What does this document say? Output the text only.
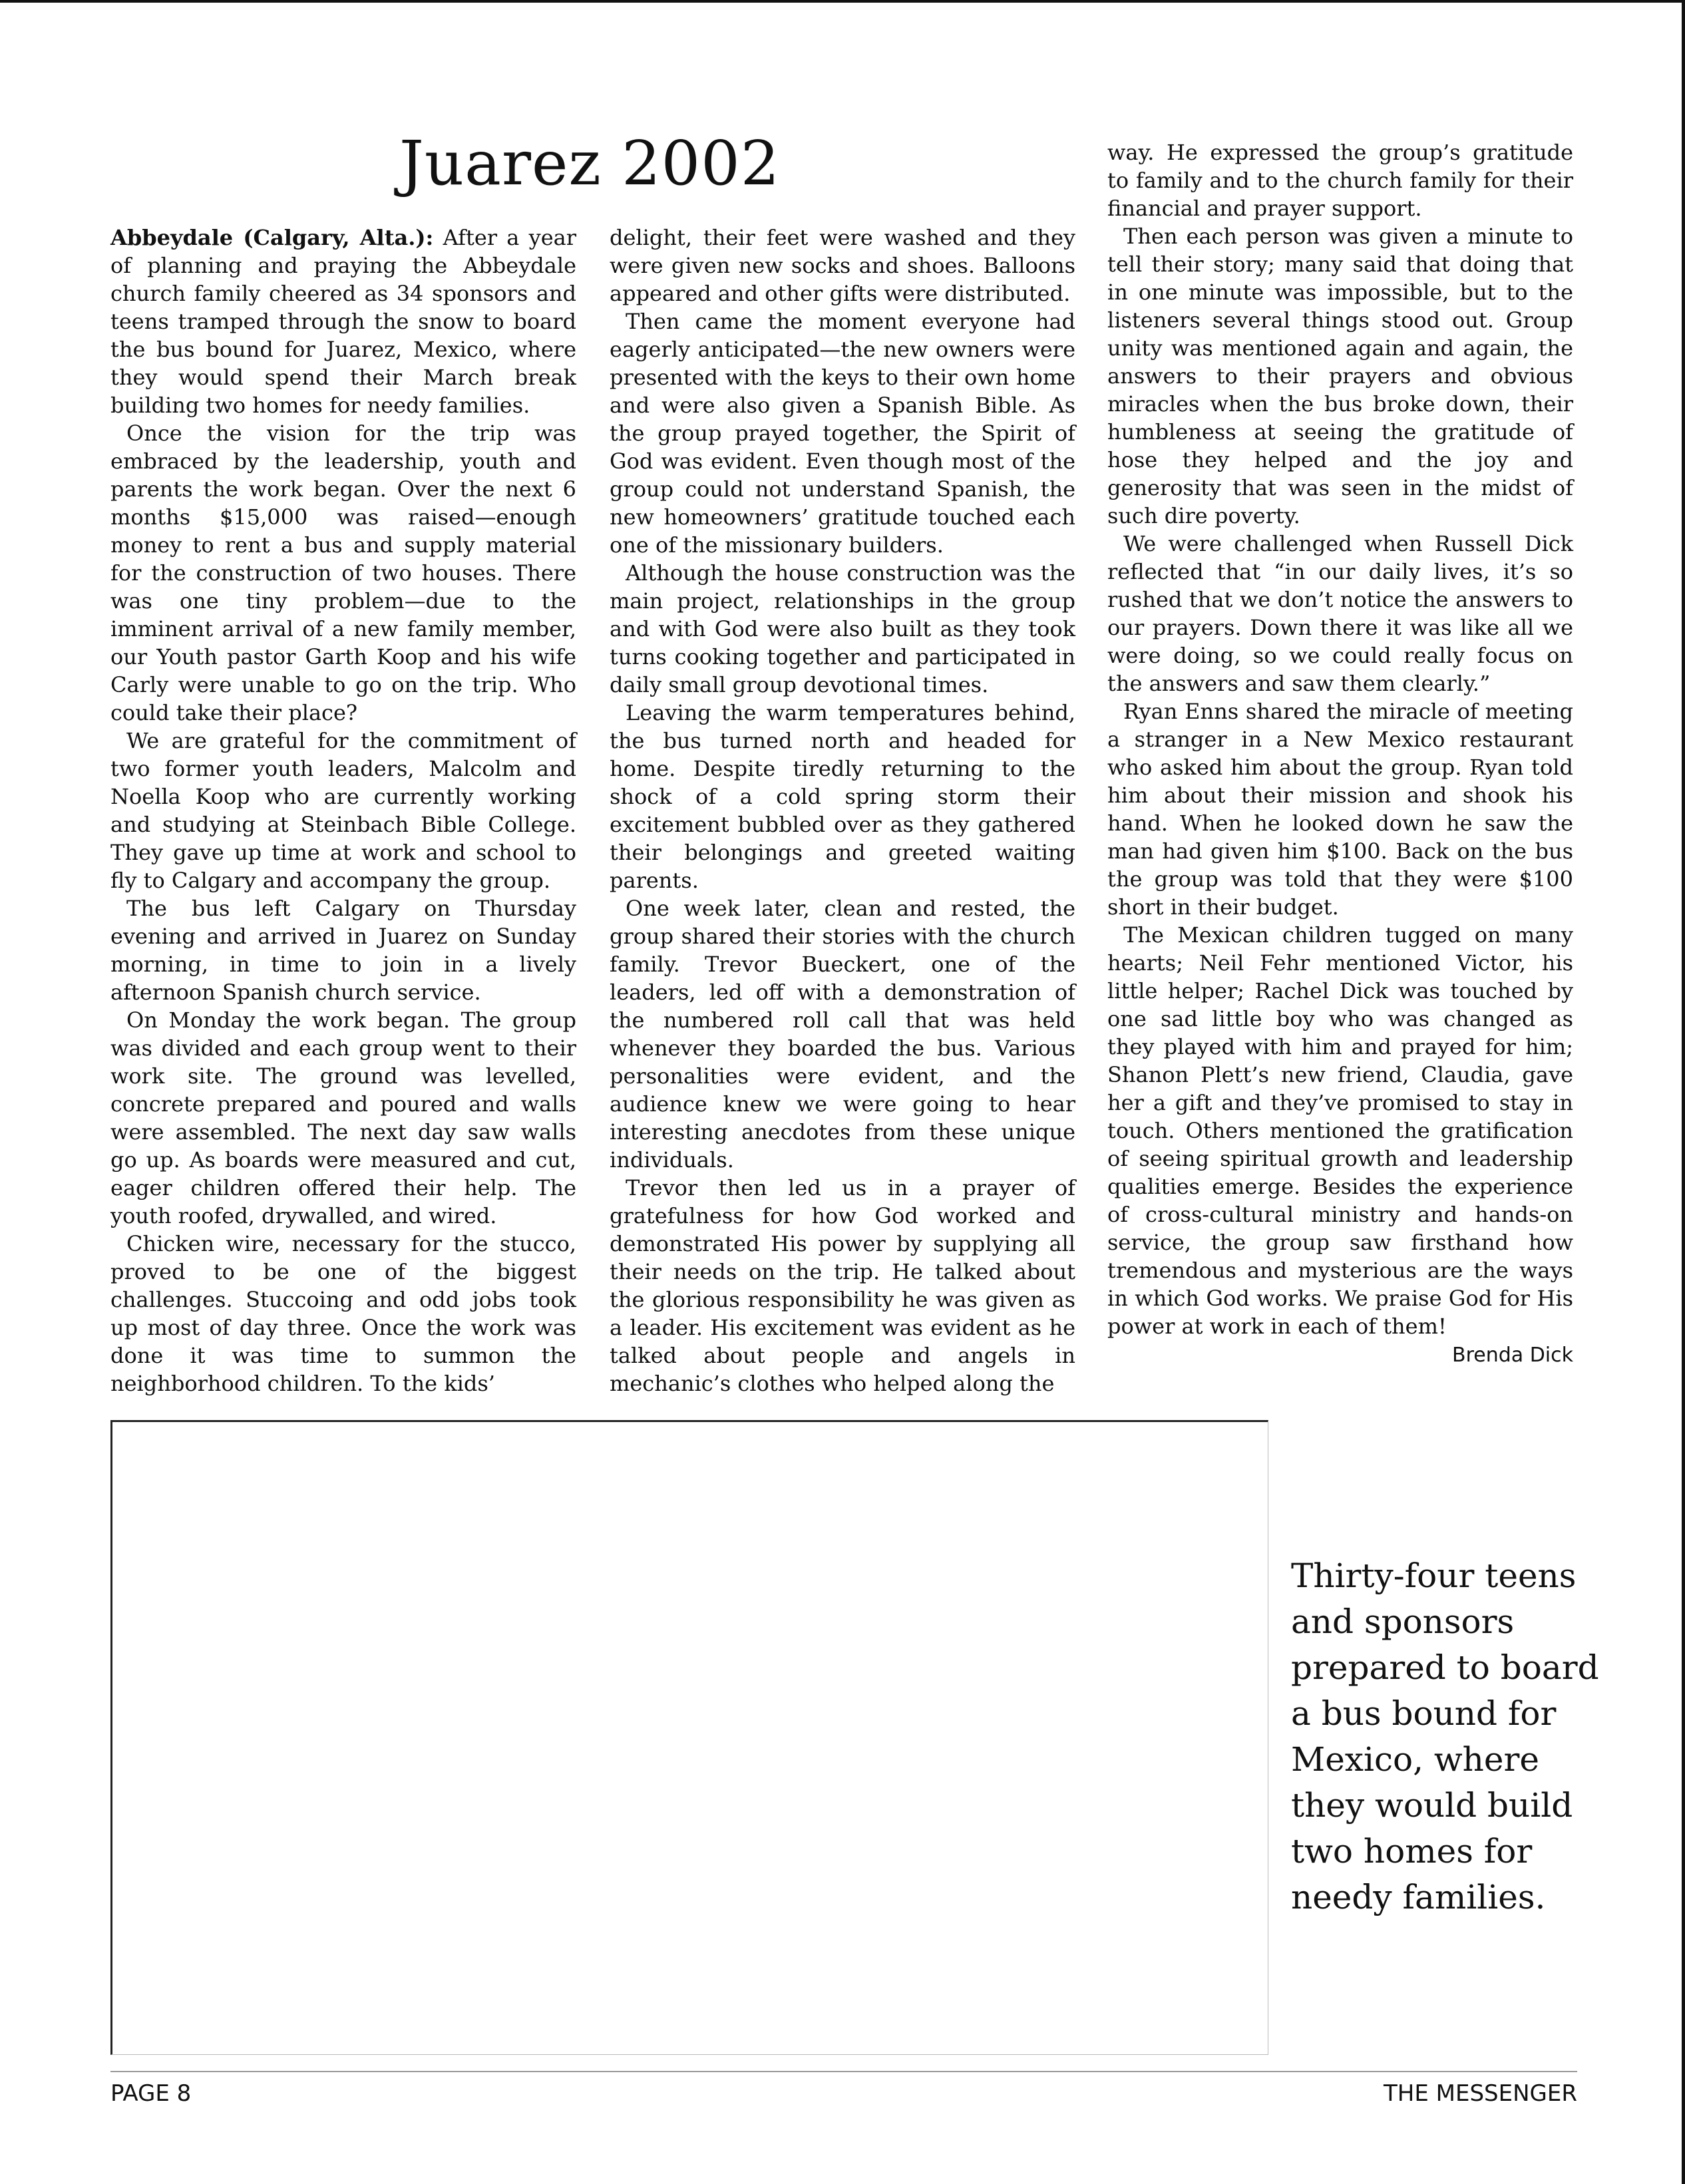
Juarez 2002

Abbeydale (Calgary, Alta.): After a year of planning and praying the Abbeydale church family cheered as 34 sponsors and teens tramped through the snow to board the bus bound for Juarez, Mexico, where they would spend their March break building two homes for needy families.

Once the vision for the trip was embraced by the leadership, youth and parents the work began. Over the next 6 months $15,000 was raised—enough money to rent a bus and supply material for the construction of two houses. There was one tiny problem—due to the imminent arrival of a new family member, our Youth pastor Garth Koop and his wife Carly were unable to go on the trip. Who could take their place?

We are grateful for the commitment of two former youth leaders, Malcolm and Noella Koop who are currently working and studying at Steinbach Bible College. They gave up time at work and school to fly to Calgary and accompany the group.

The bus left Calgary on Thursday evening and arrived in Juarez on Sunday morning, in time to join in a lively afternoon Spanish church service.

On Monday the work began. The group was divided and each group went to their work site. The ground was levelled, concrete prepared and poured and walls were assembled. The next day saw walls go up. As boards were measured and cut, eager children offered their help. The youth roofed, drywalled, and wired.

Chicken wire, necessary for the stucco, proved to be one of the biggest challenges. Stuccoing and odd jobs took up most of day three. Once the work was done it was time to summon the neighborhood children. To the kids’

delight, their feet were washed and they were given new socks and shoes. Balloons appeared and other gifts were distributed.

Then came the moment everyone had eagerly anticipated—the new owners were presented with the keys to their own home and were also given a Spanish Bible. As the group prayed together, the Spirit of God was evident. Even though most of the group could not understand Spanish, the new homeowners’ gratitude touched each one of the missionary builders.

Although the house construction was the main project, relationships in the group and with God were also built as they took turns cooking together and participated in daily small group devotional times.

Leaving the warm temperatures behind, the bus turned north and headed for home. Despite tiredly returning to the shock of a cold spring storm their excitement bubbled over as they gathered their belongings and greeted waiting parents.

One week later, clean and rested, the group shared their stories with the church family. Trevor Bueckert, one of the leaders, led off with a demonstration of the numbered roll call that was held whenever they boarded the bus. Various personalities were evident, and the audience knew we were going to hear interesting anecdotes from these unique individuals.

Trevor then led us in a prayer of gratefulness for how God worked and demonstrated His power by supplying all their needs on the trip. He talked about the glorious responsibility he was given as a leader. His excitement was evident as he talked about people and angels in mechanic’s clothes who helped along the

way. He expressed the group’s gratitude to family and to the church family for their financial and prayer support.

Then each person was given a minute to tell their story; many said that doing that in one minute was impossible, but to the listeners several things stood out. Group unity was mentioned again and again, the answers to their prayers and obvious miracles when the bus broke down, their humbleness at seeing the gratitude of hose they helped and the joy and generosity that was seen in the midst of such dire poverty.

We were challenged when Russell Dick reflected that “in our daily lives, it’s so rushed that we don’t notice the answers to our prayers. Down there it was like all we were doing, so we could really focus on the answers and saw them clearly.”

Ryan Enns shared the miracle of meeting a stranger in a New Mexico restaurant who asked him about the group. Ryan told him about their mission and shook his hand. When he looked down he saw the man had given him $100. Back on the bus the group was told that they were $100 short in their budget.

The Mexican children tugged on many hearts; Neil Fehr mentioned Victor, his little helper; Rachel Dick was touched by one sad little boy who was changed as they played with him and prayed for him; Shanon Plett’s new friend, Claudia, gave her a gift and they’ve promised to stay in touch. Others mentioned the gratification of seeing spiritual growth and leadership qualities emerge. Besides the experience of cross-cultural ministry and hands-on service, the group saw firsthand how tremendous and mysterious are the ways in which God works. We praise God for His power at work in each of them!

Brenda Dick

Thirty-four teens and sponsors prepared to board a bus bound for Mexico, where they would build two homes for needy families.

PAGE 8	THE MESSENGER
